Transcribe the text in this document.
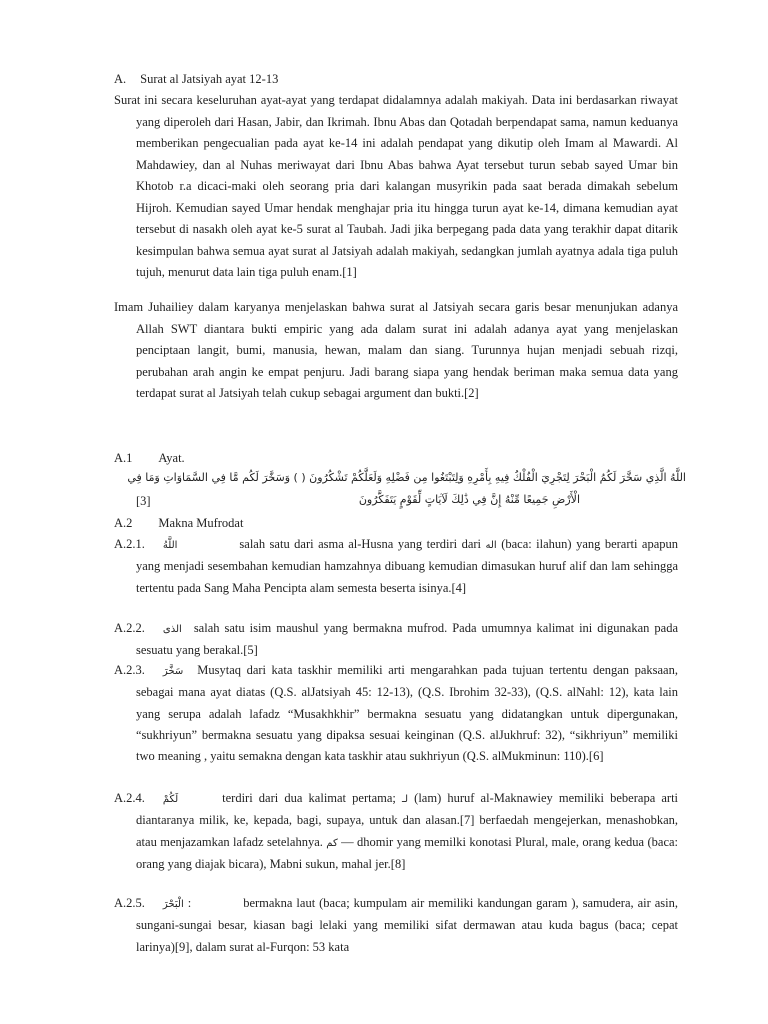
A. Surat al Jatsiyah ayat 12-13
Surat ini secara keseluruhan ayat-ayat yang terdapat didalamnya adalah makiyah. Data ini berdasarkan riwayat yang diperoleh dari Hasan, Jabir, dan Ikrimah. Ibnu Abas dan Qotadah berpendapat sama, namun keduanya memberikan pengecualian pada ayat ke-14 ini adalah pendapat yang dikutip oleh Imam al Mawardi. Al Mahdawiey, dan al Nuhas meriwayat dari Ibnu Abas bahwa Ayat tersebut turun sebab sayed Umar bin Khotob r.a dicaci-maki oleh seorang pria dari kalangan musyrikin pada saat berada dimakah sebelum Hijroh. Kemudian sayed Umar hendak menghajar pria itu hingga turun ayat ke-14, dimana kemudian ayat tersebut di nasakh oleh ayat ke-5 surat al Taubah. Jadi jika berpegang pada data yang terakhir dapat ditarik kesimpulan bahwa semua ayat surat al Jatsiyah adalah makiyah, sedangkan jumlah ayatnya adala tiga puluh tujuh, menurut data lain tiga puluh enam.[1]
Imam Juhailiey dalam karyanya menjelaskan bahwa surat al Jatsiyah secara garis besar menunjukan adanya Allah SWT diantara bukti empiric yang ada dalam surat ini adalah adanya ayat yang menjelaskan penciptaan langit, bumi, manusia, hewan, malam dan siang. Turunnya hujan menjadi sebuah rizqi, perubahan arah angin ke empat penjuru. Jadi barang siapa yang hendak beriman maka semua data yang terdapat surat al Jatsiyah telah cukup sebagai argument dan bukti.[2]
A.1 Ayat.
اللَّهُ الَّذِي سَخَّرَ لَكُمُ الْبَحْرَ لِتَجْرِيَ الْفُلْكُ فِيهِ بِأَمْرِهِ وَلِتَبْتَغُوا مِن فَضْلِهِ وَلَعَلَّكُمْ تَشْكُرُونَ ( ) وَسَخَّرَ لَكُم مَّا فِي السَّمَاوَاتِ وَمَا فِي
الْأَرْضِ جَمِيعًا مِّنْهُ إِنَّ فِي ذَٰلِكَ لَآيَاتٍ لِّقَوْمٍ يَتَفَكَّرُونَ
[3]
A.2 Makna Mufrodat
A.2.1. اللَّهُ	salah satu dari asma al-Husna yang terdiri dari اله (baca: ilahun) yang berarti apapun yang menjadi sesembahan kemudian hamzahnya dibuang kemudian dimasukan huruf alif dan lam sehingga tertentu pada Sang Maha Pencipta alam semesta beserta isinya.[4]
A.2.2. الذى salah satu isim maushul yang bermakna mufrod. Pada umumnya kalimat ini digunakan pada sesuatu yang berakal.[5]
A.2.3. سَخَّرَ Musytaq dari kata taskhir memiliki arti mengarahkan pada tujuan tertentu dengan paksaan, sebagai mana ayat diatas (Q.S. alJatsiyah 45: 12-13), (Q.S. Ibrohim 32-33), (Q.S. alNahl: 12), kata lain yang serupa adalah lafadz “Musakhkhir” bermakna sesuatu yang didatangkan untuk dipergunakan, “sukhriyun” bermakna sesuatu yang dipaksa sesuai keinginan (Q.S. alJukhruf: 32), “sikhriyun” memiliki two meaning , yaitu semakna dengan kata taskhir atau sukhriyun (Q.S. alMukminun: 110).[6]
A.2.4. لَكُمْ	terdiri dari dua kalimat pertama; لـ (lam) huruf al-Maknawiey memiliki beberapa arti diantaranya milik, ke, kepada, bagi, supaya, untuk dan alasan.[7] berfaedah mengejerkan, menashobkan, atau menjazamkan lafadz setelahnya. كم — dhomir yang memilki konotasi Plural, male, orang kedua (baca: orang yang diajak bicara), Mabni sukun, mahal jer.[8]
A.2.5. الْبَحْرَ :	bermakna laut (baca; kumpulam air memiliki kandungan garam ), samudera, air asin, sungani-sungai besar, kiasan bagi lelaki yang memiliki sifat dermawan atau kuda bagus (baca; cepat larinya)[9], dalam surat al-Furqon: 53 kata
